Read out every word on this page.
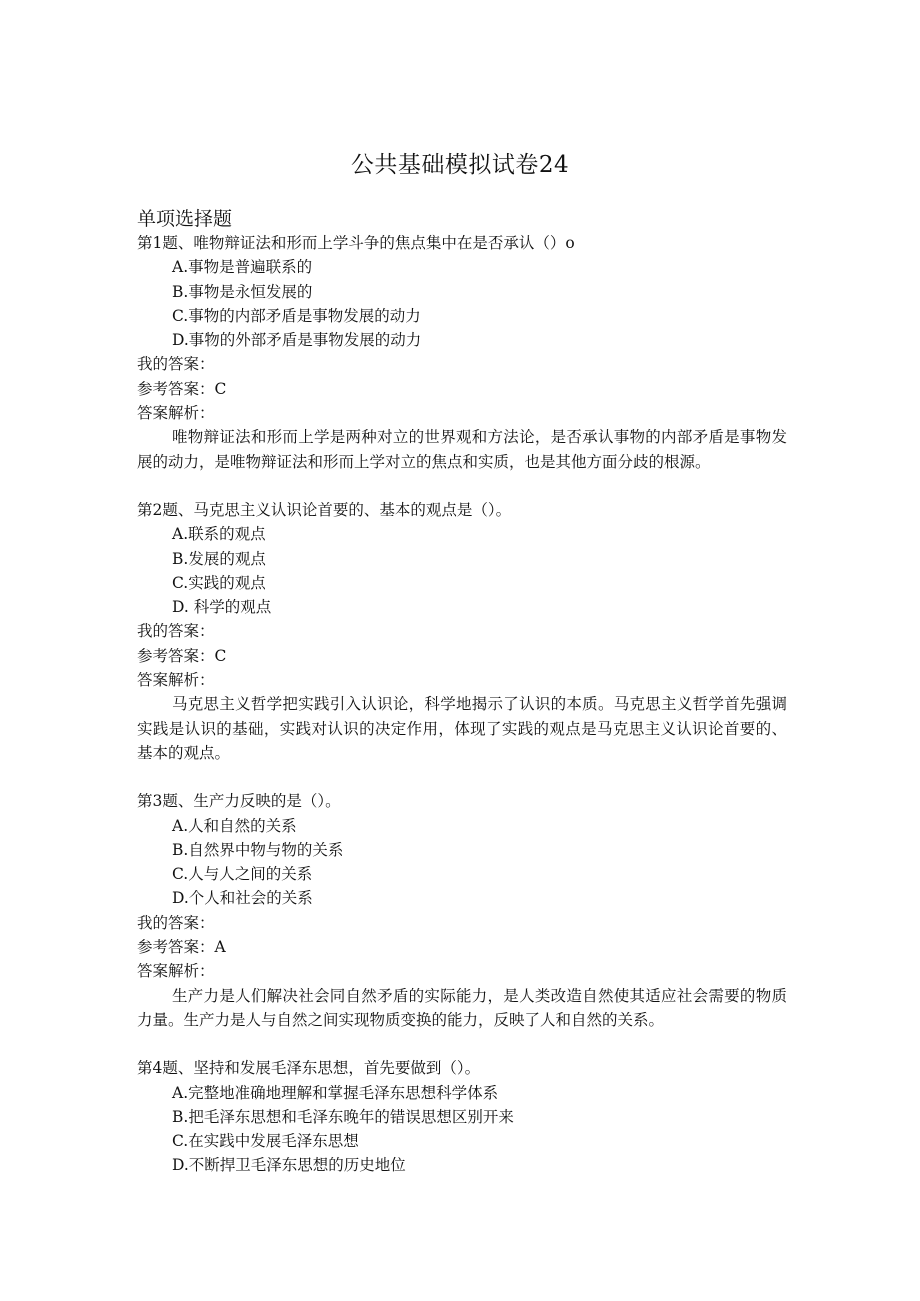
公共基础模拟试卷24
单项选择题
第1题、唯物辩证法和形而上学斗争的焦点集中在是否承认（）o
A.事物是普遍联系的
B.事物是永恒发展的
C.事物的内部矛盾是事物发展的动力
D.事物的外部矛盾是事物发展的动力
我的答案：
参考答案：C
答案解析：
唯物辩证法和形而上学是两种对立的世界观和方法论，是否承认事物的内部矛盾是事物发展的动力，是唯物辩证法和形而上学对立的焦点和实质，也是其他方面分歧的根源。
第2题、马克思主义认识论首要的、基本的观点是（）。
A.联系的观点
B.发展的观点
C.实践的观点
D. 科学的观点
我的答案：
参考答案：C
答案解析：
马克思主义哲学把实践引入认识论，科学地揭示了认识的本质。马克思主义哲学首先强调实践是认识的基础，实践对认识的决定作用，体现了实践的观点是马克思主义认识论首要的、基本的观点。
第3题、生产力反映的是（）。
A.人和自然的关系
B.自然界中物与物的关系
C.人与人之间的关系
D.个人和社会的关系
我的答案：
参考答案：A
答案解析：
生产力是人们解决社会同自然矛盾的实际能力，是人类改造自然使其适应社会需要的物质力量。生产力是人与自然之间实现物质变换的能力，反映了人和自然的关系。
第4题、坚持和发展毛泽东思想，首先要做到（）。
A.完整地准确地理解和掌握毛泽东思想科学体系
B.把毛泽东思想和毛泽东晚年的错误思想区别开来
C.在实践中发展毛泽东思想
D.不断捍卫毛泽东思想的历史地位
